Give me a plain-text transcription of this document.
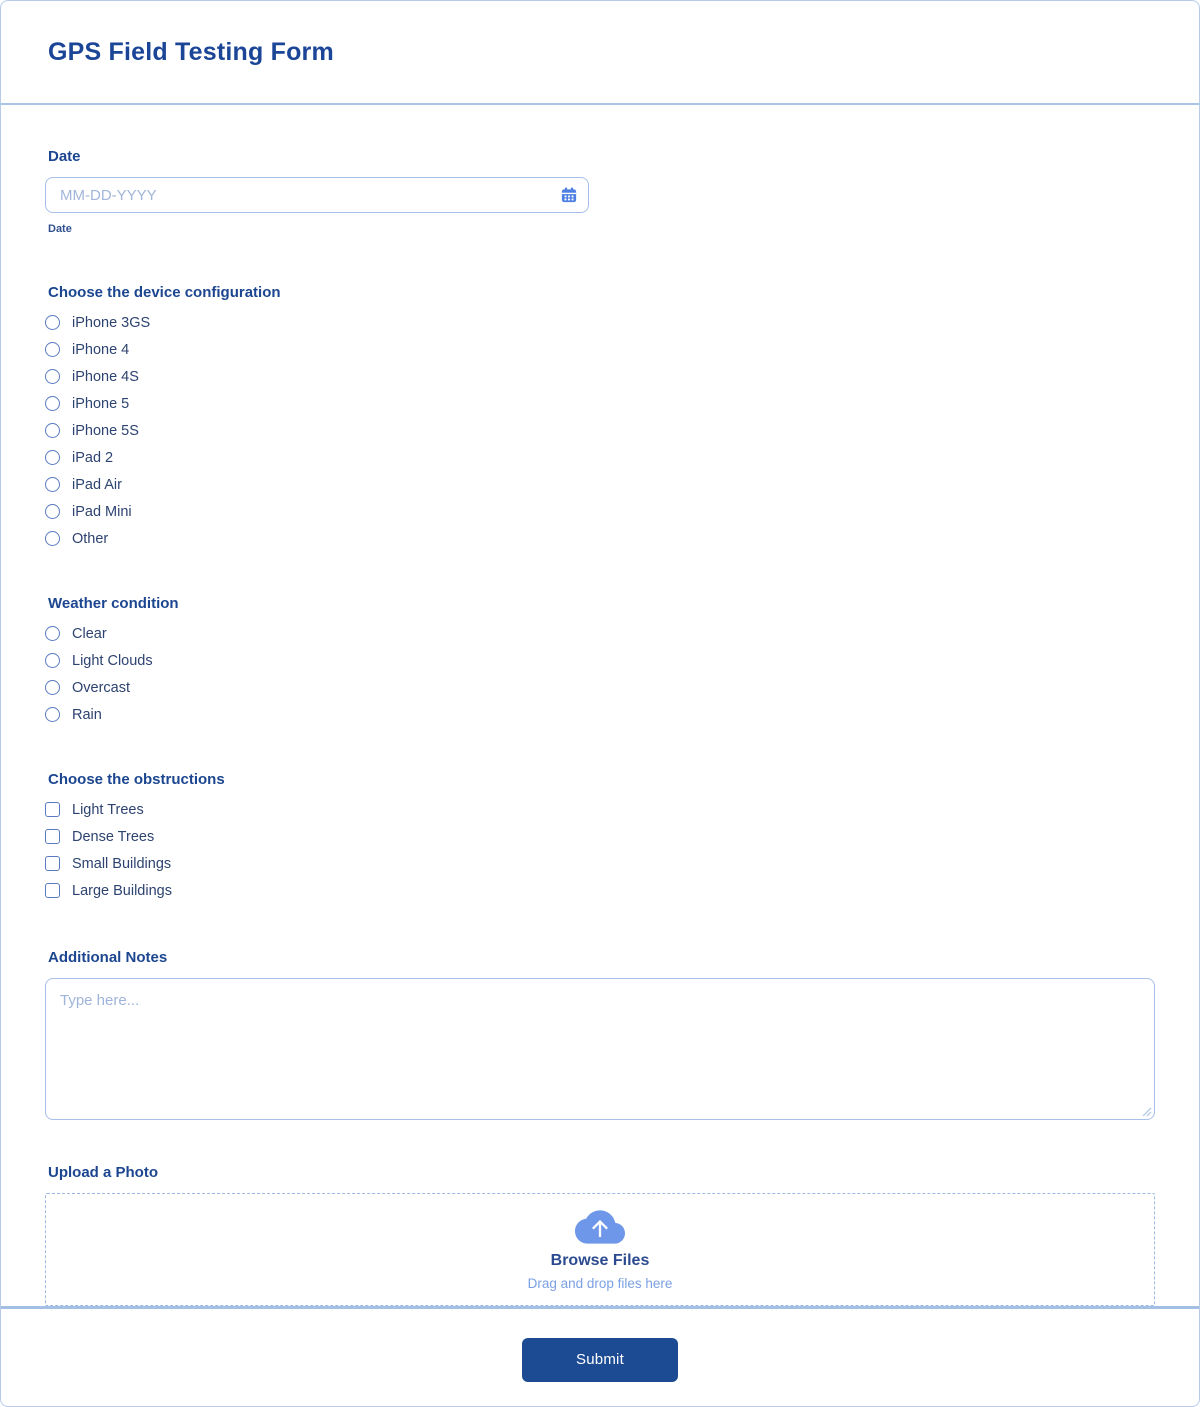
GPS Field Testing Form
Date
MM-DD-YYYY
Date
Choose the device configuration
iPhone 3GS
iPhone 4
iPhone 4S
iPhone 5
iPhone 5S
iPad 2
iPad Air
iPad Mini
Other
Weather condition
Clear
Light Clouds
Overcast
Rain
Choose the obstructions
Light Trees
Dense Trees
Small Buildings
Large Buildings
Additional Notes
Type here...
Upload a Photo
Browse Files
Drag and drop files here
Submit
